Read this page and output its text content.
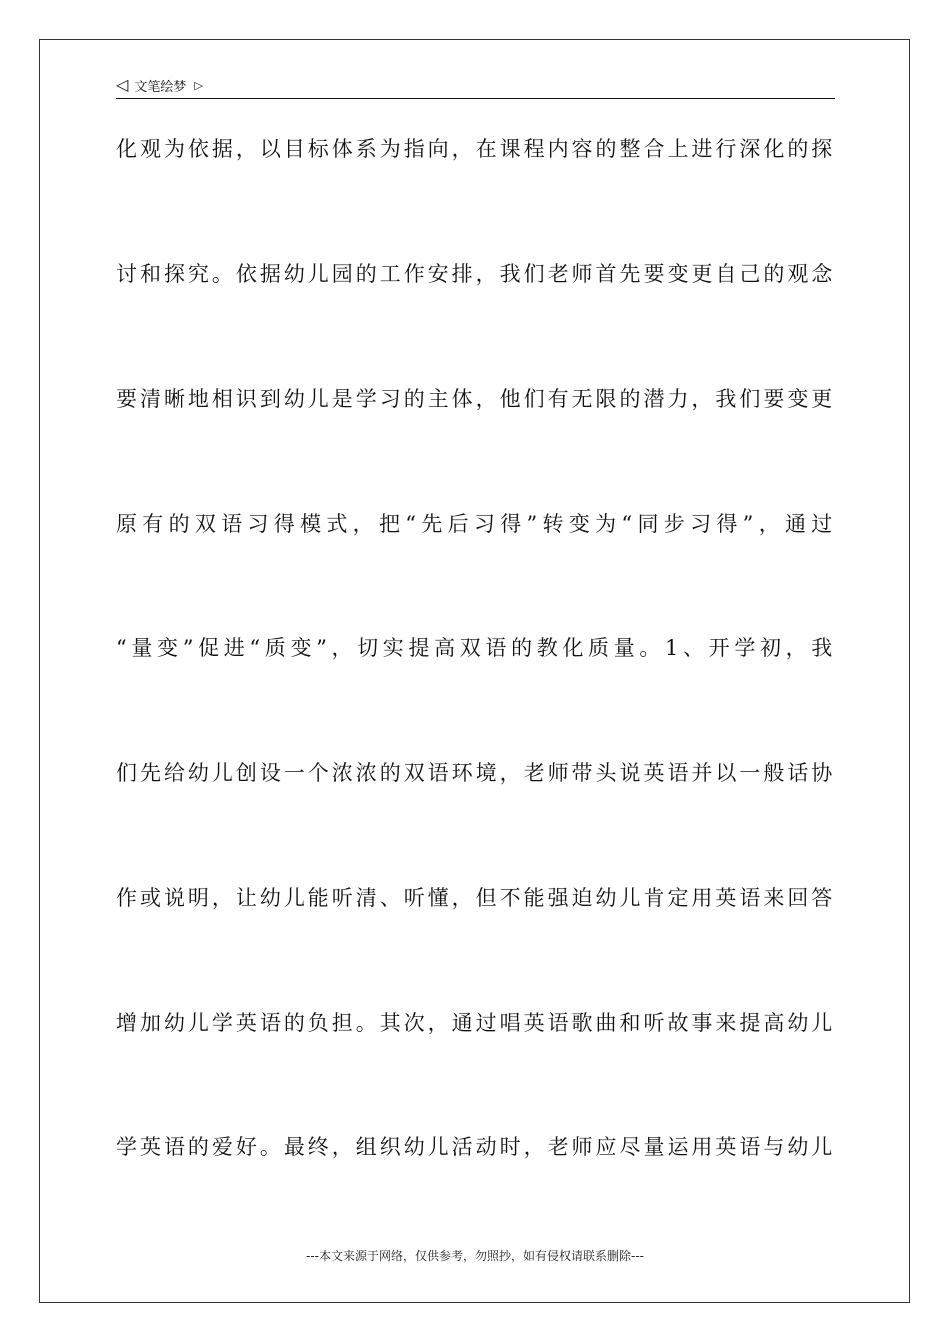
◁ 文笔绘梦 ▷
化观为依据，以目标体系为指向，在课程内容的整合上进行深化的探
讨和探究。依据幼儿园的工作安排，我们老师首先要变更自己的观念
要清晰地相识到幼儿是学习的主体，他们有无限的潜力，我们要变更
原有的双语习得模式，把“先后习得”转变为“同步习得”，通过
“量变”促进“质变”，切实提高双语的教化质量。1、开学初，我
们先给幼儿创设一个浓浓的双语环境，老师带头说英语并以一般话协
作或说明，让幼儿能听清、听懂，但不能强迫幼儿肯定用英语来回答
增加幼儿学英语的负担。其次，通过唱英语歌曲和听故事来提高幼儿
学英语的爱好。最终，组织幼儿活动时，老师应尽量运用英语与幼儿
---本文来源于网络，仅供参考，勿照抄，如有侵权请联系删除---
